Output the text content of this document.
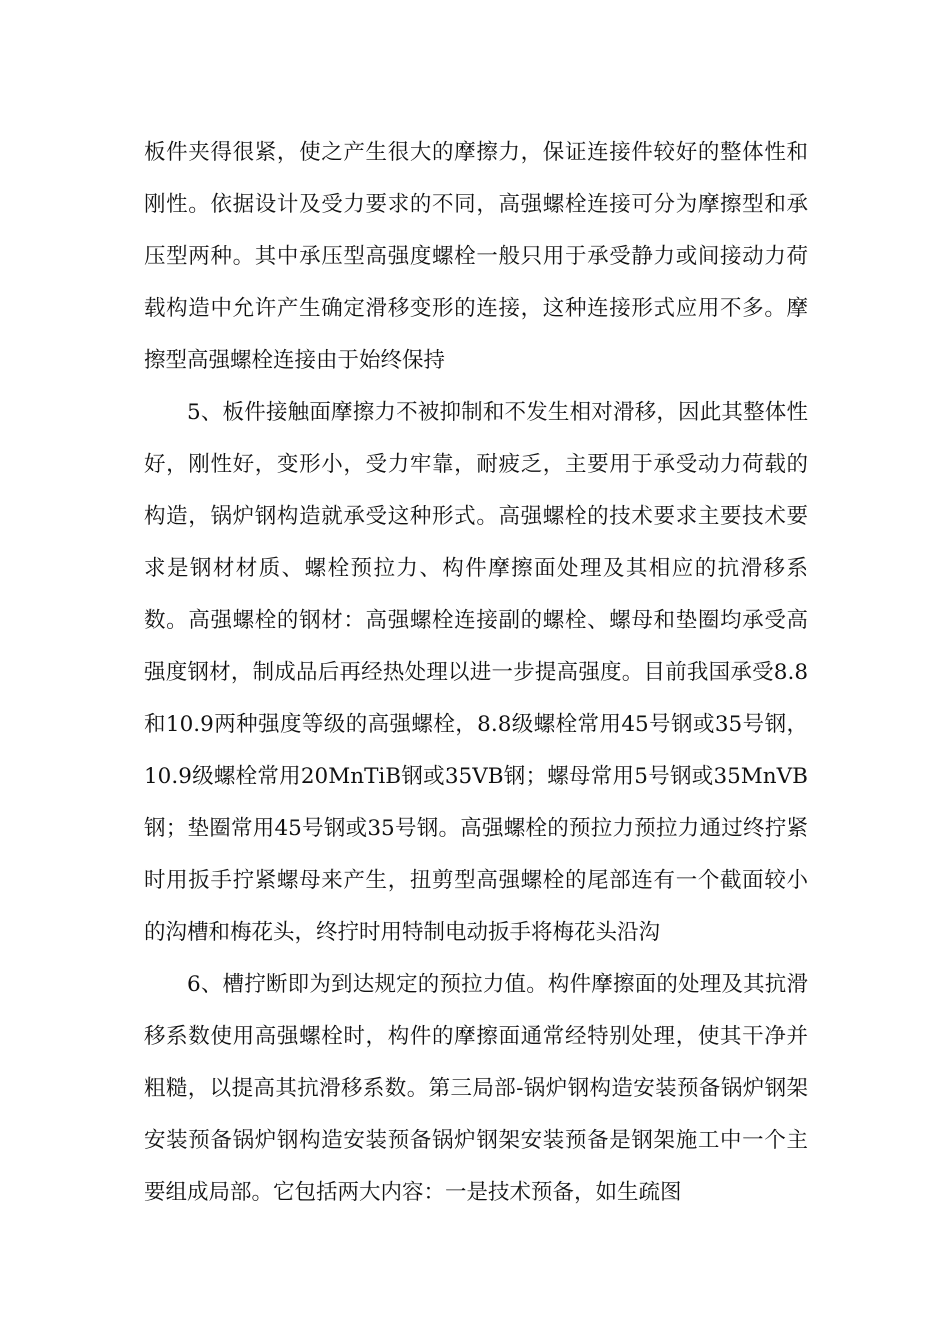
板件夹得很紧，使之产生很大的摩擦力，保证连接件较好的整体性和刚性。依据设计及受力要求的不同，高强螺栓连接可分为摩擦型和承压型两种。其中承压型高强度螺栓一般只用于承受静力或间接动力荷载构造中允许产生确定滑移变形的连接，这种连接形式应用不多。摩擦型高强螺栓连接由于始终保持

5、板件接触面摩擦力不被抑制和不发生相对滑移，因此其整体性好，刚性好，变形小，受力牢靠，耐疲乏，主要用于承受动力荷载的构造，锅炉钢构造就承受这种形式。高强螺栓的技术要求主要技术要求是钢材材质、螺栓预拉力、构件摩擦面处理及其相应的抗滑移系数。高强螺栓的钢材：高强螺栓连接副的螺栓、螺母和垫圈均承受高强度钢材，制成品后再经热处理以进一步提高强度。目前我国承受8.8和10.9两种强度等级的高强螺栓，8.8级螺栓常用45号钢或35号钢，10.9级螺栓常用20MnTiB钢或35VB钢；螺母常用5号钢或35MnVB钢；垫圈常用45号钢或35号钢。高强螺栓的预拉力预拉力通过终拧紧时用扳手拧紧螺母来产生，扭剪型高强螺栓的尾部连有一个截面较小的沟槽和梅花头，终拧时用特制电动扳手将梅花头沿沟

6、槽拧断即为到达规定的预拉力值。构件摩擦面的处理及其抗滑移系数使用高强螺栓时，构件的摩擦面通常经特别处理，使其干净并粗糙，以提高其抗滑移系数。第三局部-锅炉钢构造安装预备锅炉钢架安装预备锅炉钢构造安装预备锅炉钢架安装预备是钢架施工中一个主要组成局部。它包括两大内容：一是技术预备，如生疏图
